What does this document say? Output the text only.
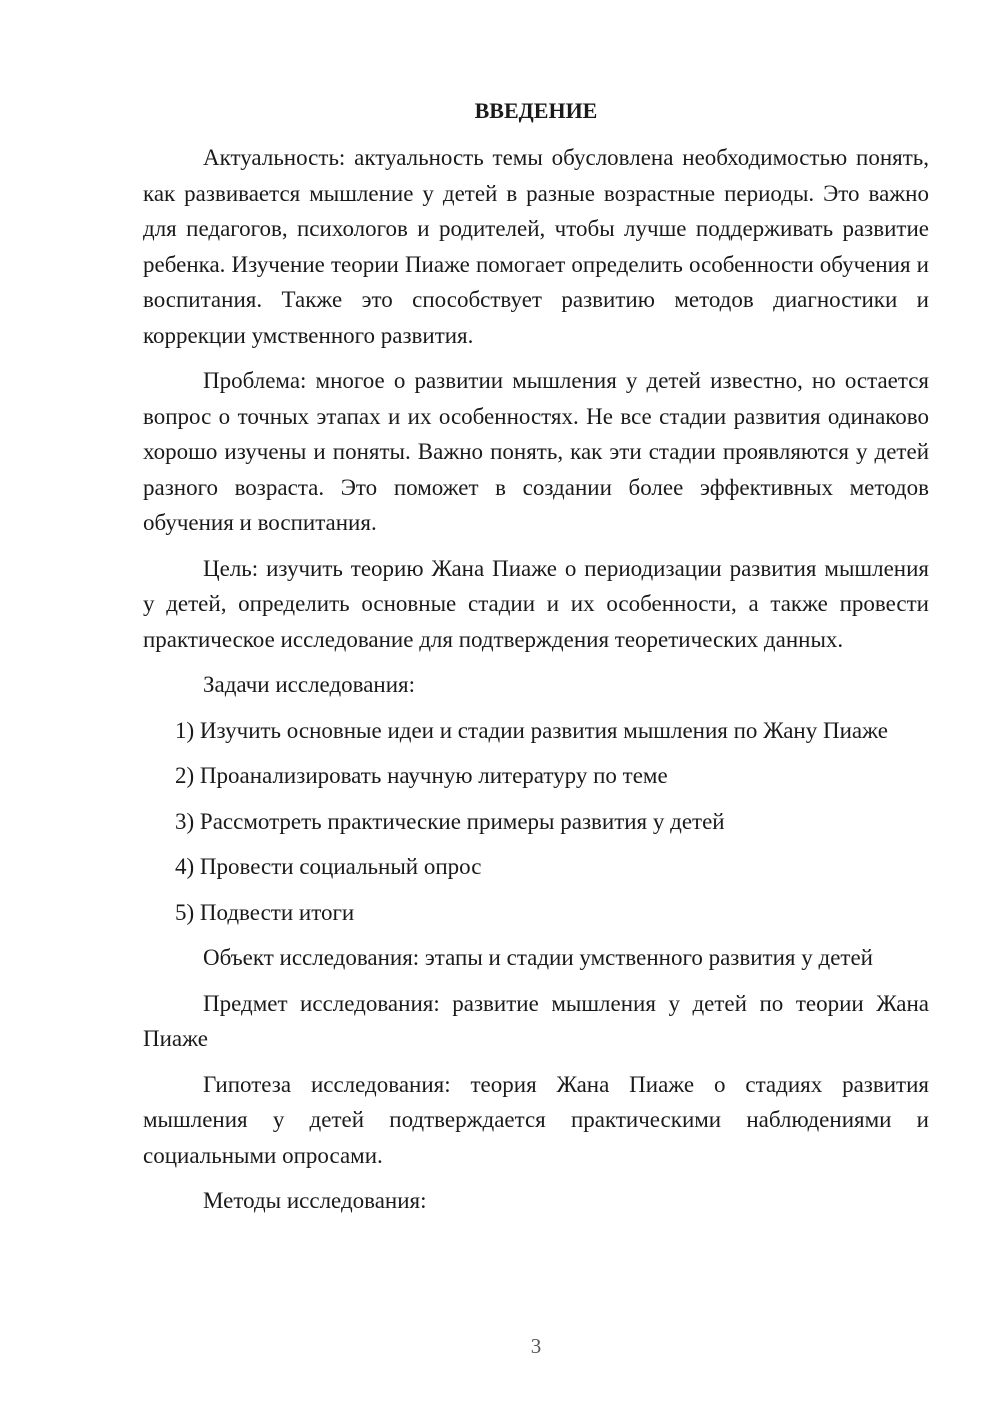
ВВЕДЕНИЕ

Актуальность: актуальность темы обусловлена необходимостью понять, как развивается мышление у детей в разные возрастные периоды. Это важно для педагогов, психологов и родителей, чтобы лучше поддерживать развитие ребенка. Изучение теории Пиаже помогает определить особенности обучения и воспитания. Также это способствует развитию методов диагностики и коррекции умственного развития.

Проблема: многое о развитии мышления у детей известно, но остается вопрос о точных этапах и их особенностях. Не все стадии развития одинаково хорошо изучены и поняты. Важно понять, как эти стадии проявляются у детей разного возраста. Это поможет в создании более эффективных методов обучения и воспитания.

Цель: изучить теорию Жана Пиаже о периодизации развития мышления у детей, определить основные стадии и их особенности, а также провести практическое исследование для подтверждения теоретических данных.

Задачи исследования:

1) Изучить основные идеи и стадии развития мышления по Жану Пиаже

2) Проанализировать научную литературу по теме

3) Рассмотреть практические примеры развития у детей

4) Провести социальный опрос

5) Подвести итоги

Объект исследования: этапы и стадии умственного развития у детей

Предмет исследования: развитие мышления у детей по теории Жана Пиаже

Гипотеза исследования: теория Жана Пиаже о стадиях развития мышления у детей подтверждается практическими наблюдениями и социальными опросами.

Методы исследования:

3
